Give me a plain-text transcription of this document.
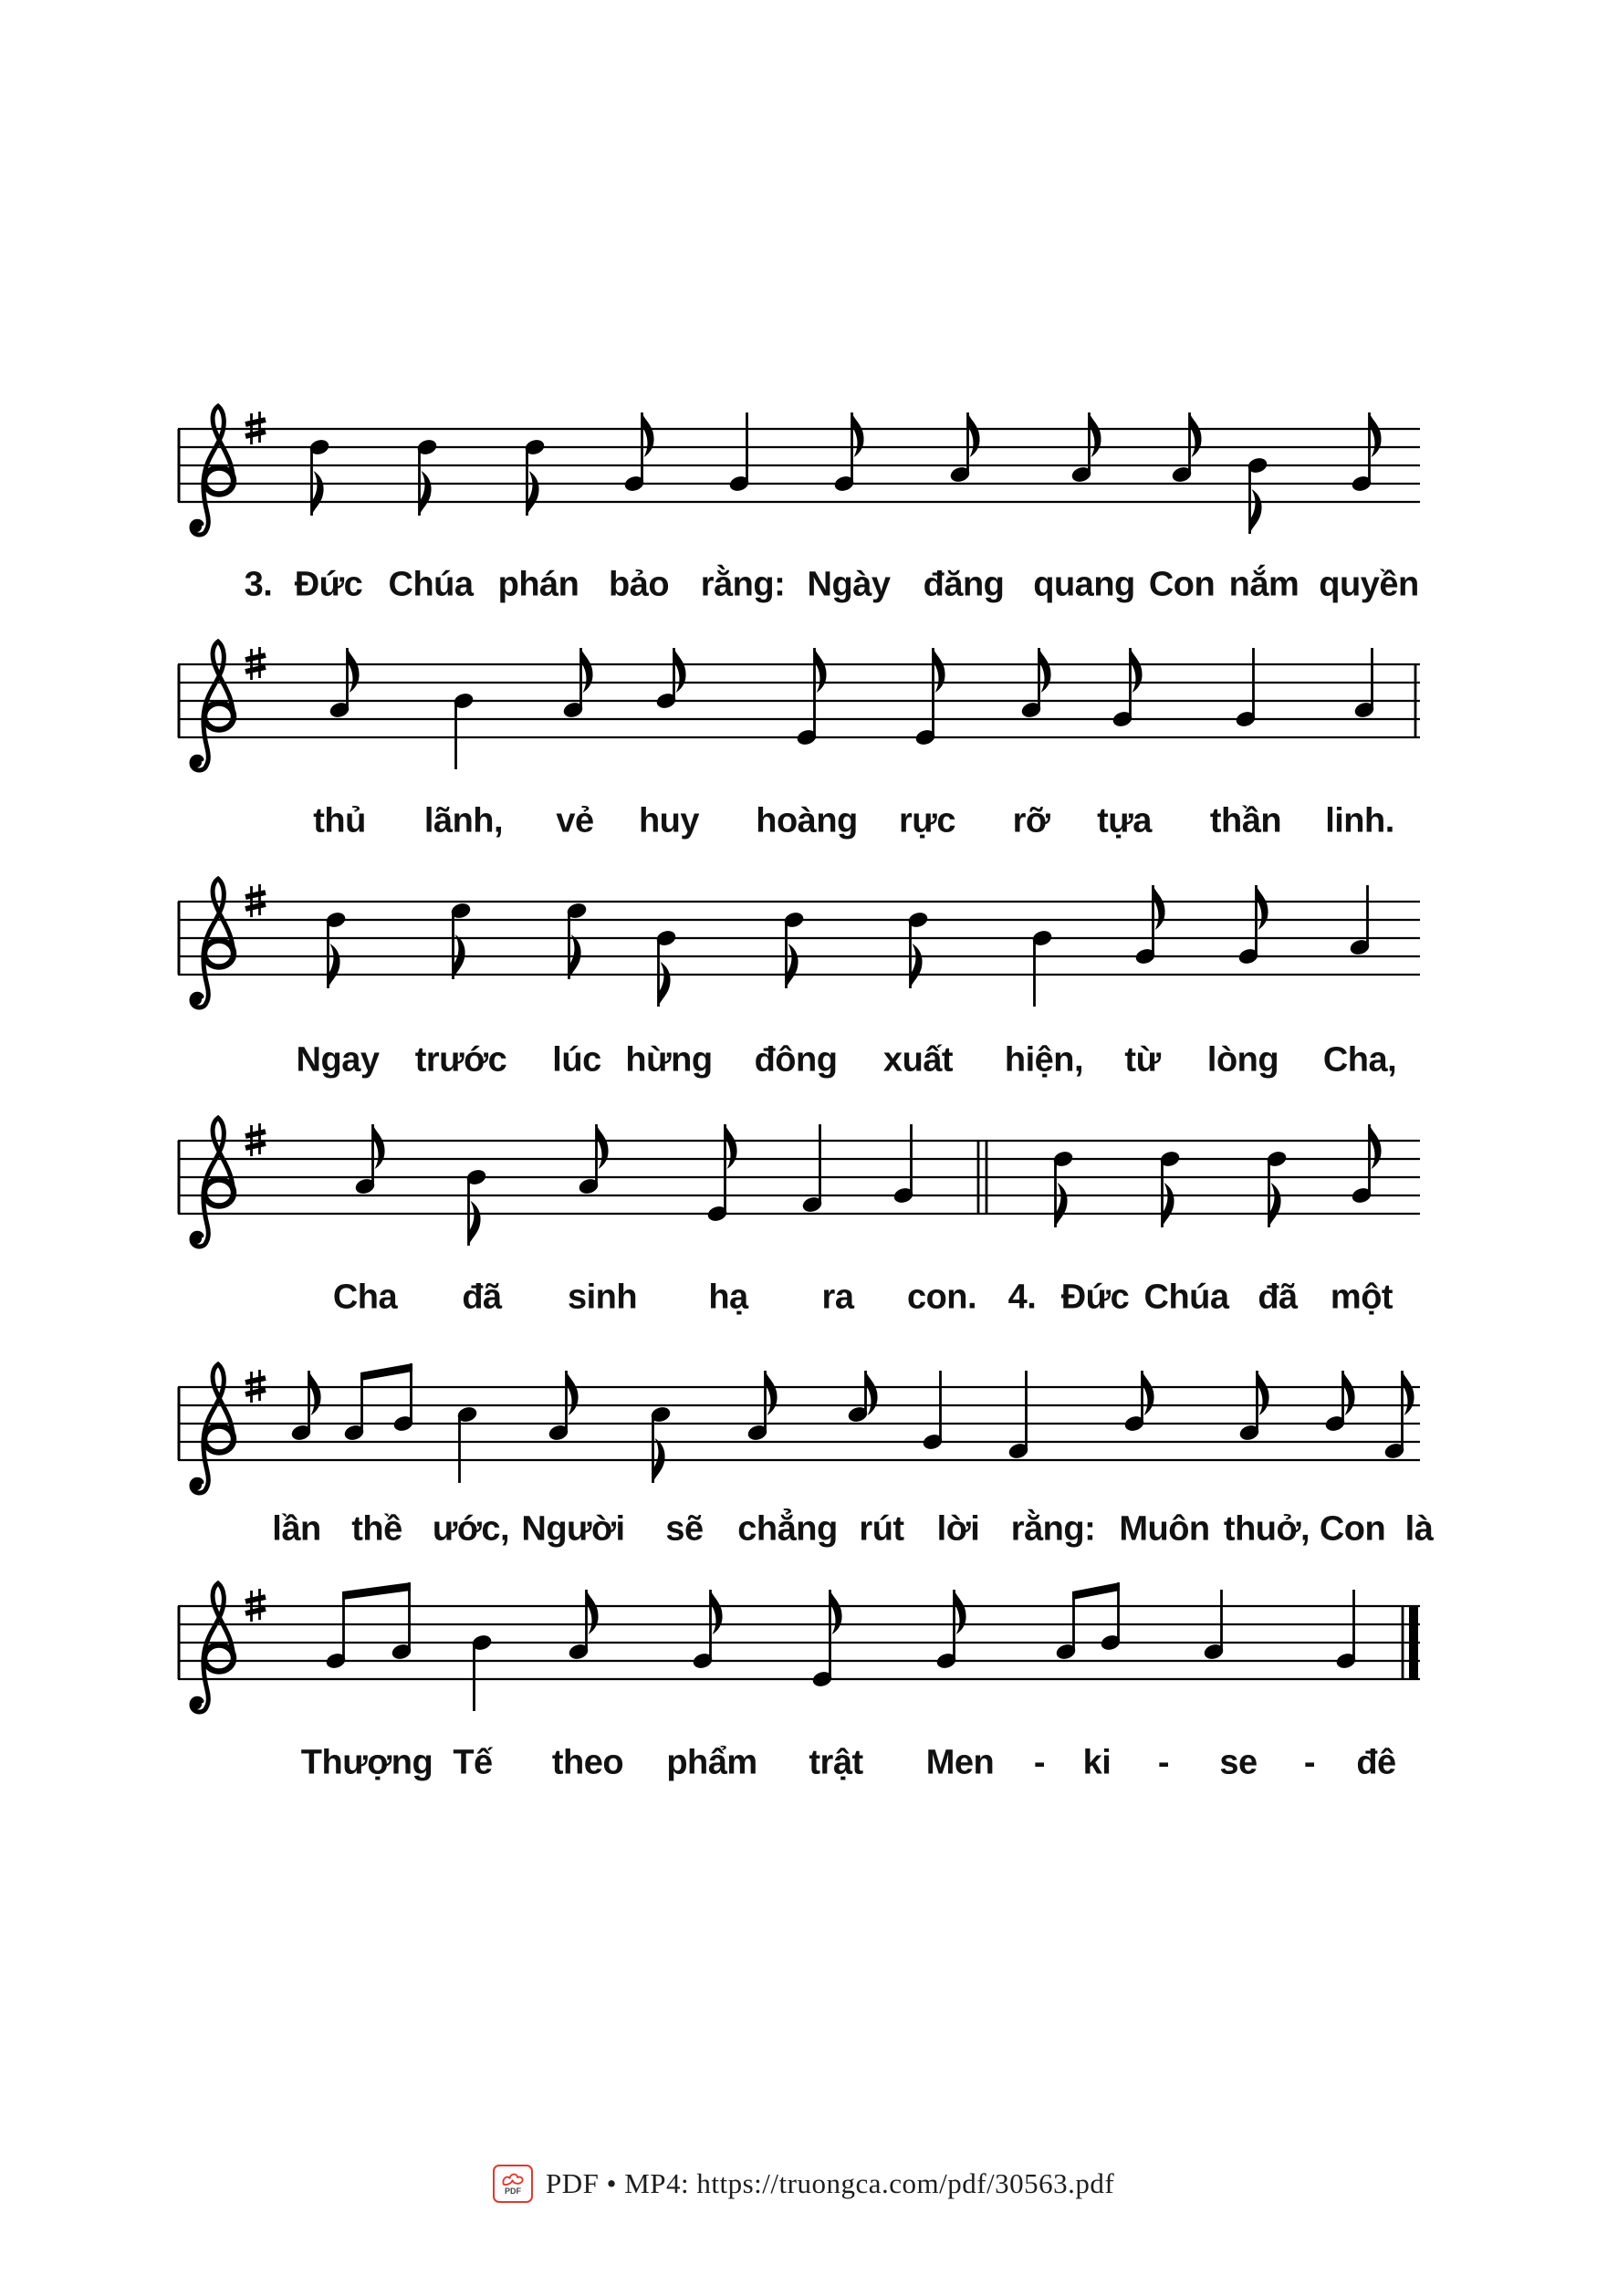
3. Đức Chúa phán bảo rằng: Ngày đăng quang Con nắm quyền
thủ lãnh, vẻ huy hoàng rực rỡ tựa thần linh.
Ngay trước lúc hừng đông xuất hiện, từ lòng Cha,
Cha đã sinh hạ ra con. 4. Đức Chúa đã một
lần thề ước, Người sẽ chẳng rút lời rằng: Muôn thuở, Con là
Thượng Tế theo phẩm trật Men - ki - se - đê
PDF PDF • MP4: https://truongca.com/pdf/30563.pdf
